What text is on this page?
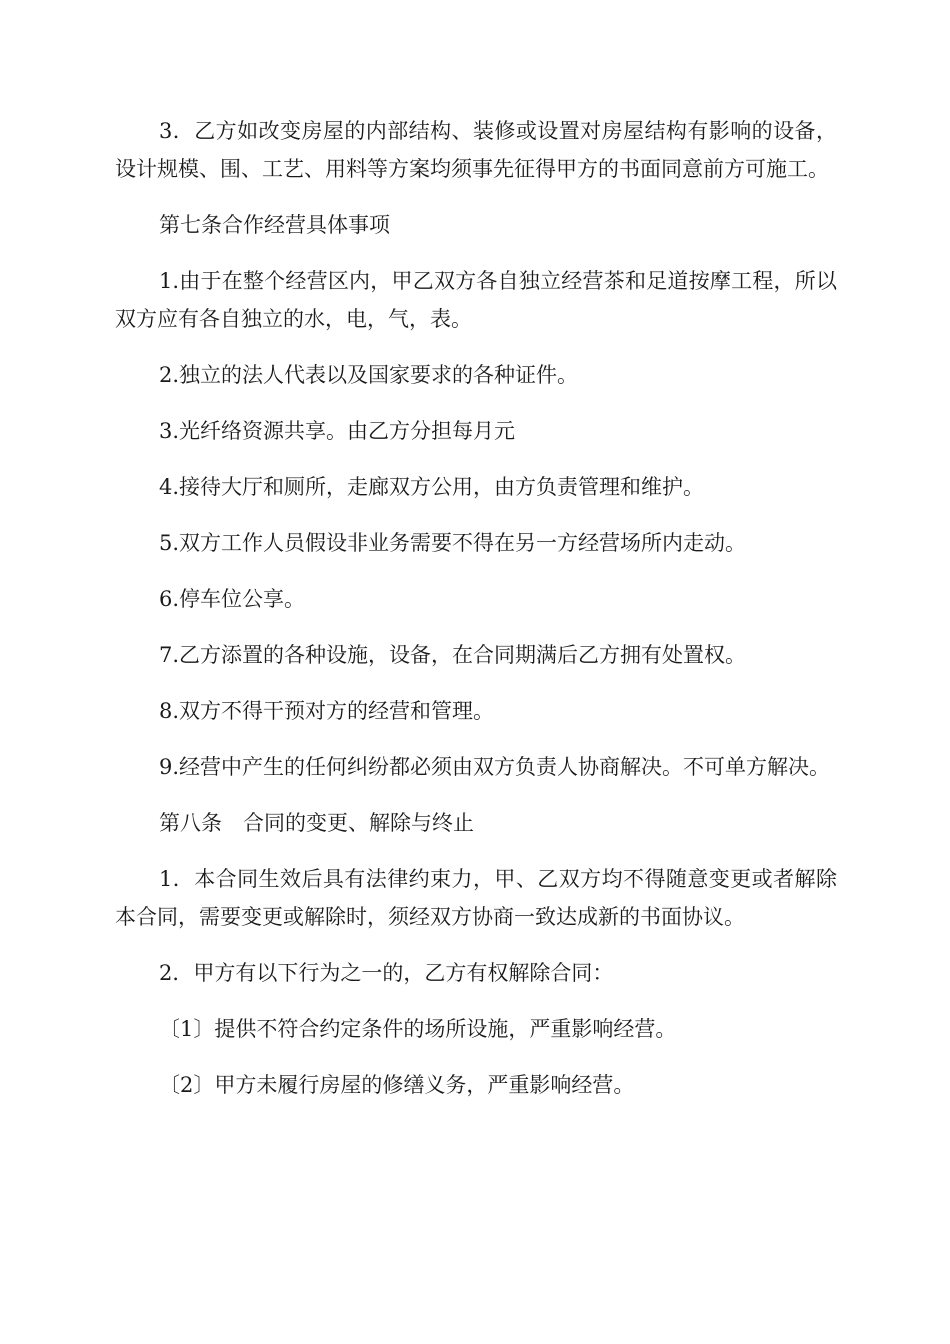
3．乙方如改变房屋的内部结构、装修或设置对房屋结构有影响的设备，设计规模、围、工艺、用料等方案均须事先征得甲方的书面同意前方可施工。

第七条合作经营具体事项

1.由于在整个经营区内，甲乙双方各自独立经营茶和足道按摩工程，所以双方应有各自独立的水，电，气，表。

2.独立的法人代表以及国家要求的各种证件。

3.光纤络资源共享。由乙方分担每月元

4.接待大厅和厕所，走廊双方公用，由方负责管理和维护。

5.双方工作人员假设非业务需要不得在另一方经营场所内走动。

6.停车位公享。

7.乙方添置的各种设施，设备，在合同期满后乙方拥有处置权。

8.双方不得干预对方的经营和管理。

9.经营中产生的任何纠纷都必须由双方负责人协商解决。不可单方解决。

第八条　合同的变更、解除与终止

1．本合同生效后具有法律约束力，甲、乙双方均不得随意变更或者解除本合同，需要变更或解除时，须经双方协商一致达成新的书面协议。

2．甲方有以下行为之一的，乙方有权解除合同：

〔1〕提供不符合约定条件的场所设施，严重影响经营。

〔2〕甲方未履行房屋的修缮义务，严重影响经营。
